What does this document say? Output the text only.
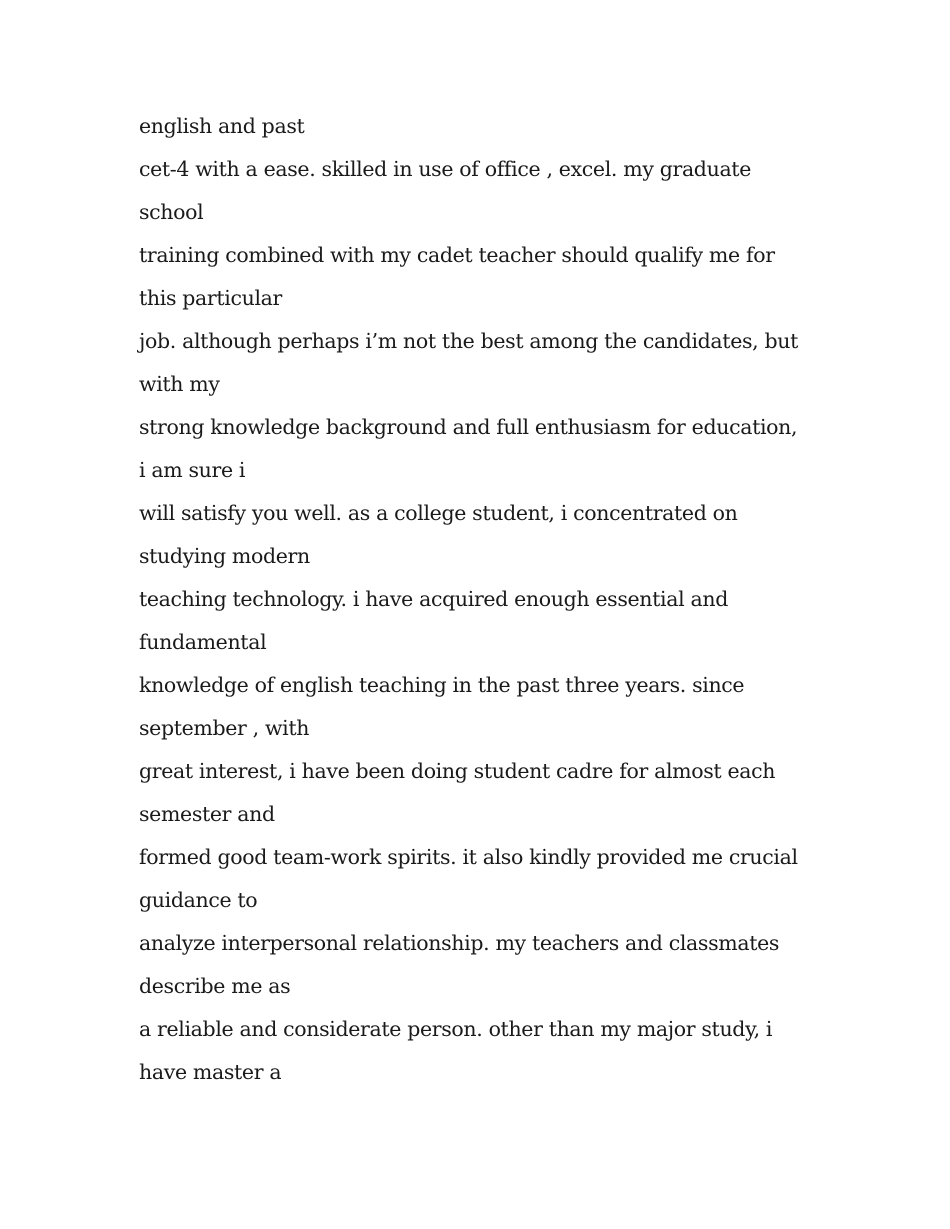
english and past
cet-4 with a ease. skilled in use of office , excel. my graduate
school
training combined with my cadet teacher should qualify me for
this particular
job. although perhaps i’m not the best among the candidates, but
with my
strong knowledge background and full enthusiasm for education,
i am sure i
will satisfy you well. as a college student, i concentrated on
studying modern
teaching technology. i have acquired enough essential and
fundamental
knowledge of english teaching in the past three years. since
september , with
great interest, i have been doing student cadre for almost each
semester and
formed good team-work spirits. it also kindly provided me crucial
guidance to
analyze interpersonal relationship. my teachers and classmates
describe me as
a reliable and considerate person. other than my major study, i
have master a
